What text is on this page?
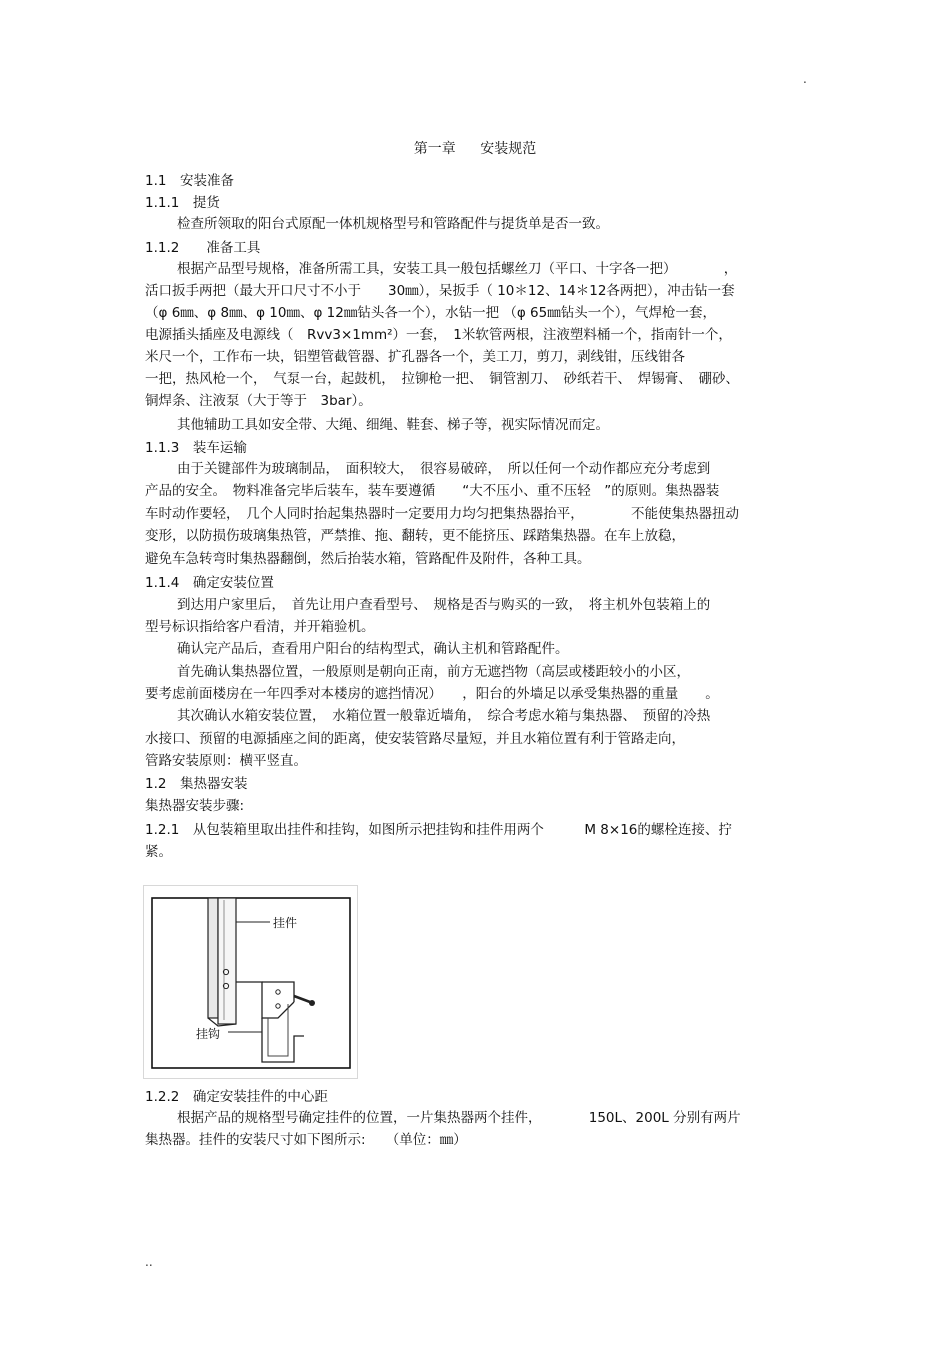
.
第一章 安装规范
1.1　安装准备
1.1.1　提货
检查所领取的阳台式原配一体机规格型号和管路配件与提货单是否一致。
1.1.2　　准备工具
根据产品型号规格，准备所需工具，安装工具一般包括螺丝刀（平口、十字各一把）　　　　，
活口扳手两把（最大开口尺寸不小于　　30㎜），呆扳手（ 10＊12、14＊12各两把），冲击钻一套
（φ 6㎜、φ 8㎜、φ 10㎜、φ 12㎜钻头各一个），水钻一把 （φ 65㎜钻头一个），气焊枪一套，
电源插头插座及电源线（　Rvv3×1mm²）一套，　1米软管两根，注液塑料桶一个，指南针一个，
米尺一个，工作布一块，铝塑管截管器、扩孔器各一个，美工刀，剪刀，剥线钳，压线钳各
一把，热风枪一个，　气泵一台，起鼓机，　拉铆枪一把、　铜管割刀、　砂纸若干、　焊锡膏、　硼砂、
铜焊条、注液泵（大于等于　3bar）。
其他辅助工具如安全带、大绳、细绳、鞋套、梯子等，视实际情况而定。
1.1.3　装车运输
由于关键部件为玻璃制品，　面积较大，　很容易破碎，　所以任何一个动作都应充分考虑到
产品的安全。　物料准备完毕后装车，装车要遵循　　“大不压小、重不压轻　”的原则。集热器装
车时动作要轻，　几个人同时抬起集热器时一定要用力均匀把集热器抬平，　　　　不能使集热器扭动
变形，以防损伤玻璃集热管，严禁推、拖、翻转，更不能挤压、踩踏集热器。在车上放稳，
避免车急转弯时集热器翻倒，然后抬装水箱，管路配件及附件，各种工具。
1.1.4　确定安装位置
到达用户家里后，　首先让用户查看型号、　规格是否与购买的一致，　将主机外包装箱上的
型号标识指给客户看清，并开箱验机。
确认完产品后，查看用户阳台的结构型式，确认主机和管路配件。
首先确认集热器位置，一般原则是朝向正南，前方无遮挡物（高层或楼距较小的小区，
要考虑前面楼房在一年四季对本楼房的遮挡情况）　　，阳台的外墙足以承受集热器的重量　　。
其次确认水箱安装位置，　水箱位置一般靠近墙角，　综合考虑水箱与集热器、　预留的冷热
水接口、预留的电源插座之间的距离，使安装管路尽量短，并且水箱位置有利于管路走向，
管路安装原则：横平竖直。
1.2　集热器安装
集热器安装步骤:
1.2.1　从包装箱里取出挂件和挂钩，如图所示把挂钩和挂件用两个　　　M 8×16的螺栓连接、拧
紧。
挂件
挂钩
1.2.2　确定安装挂件的中心距
根据产品的规格型号确定挂件的位置，一片集热器两个挂件，　　　　150L、200L 分别有两片
集热器。挂件的安装尺寸如下图所示:　　（单位：㎜）
..
